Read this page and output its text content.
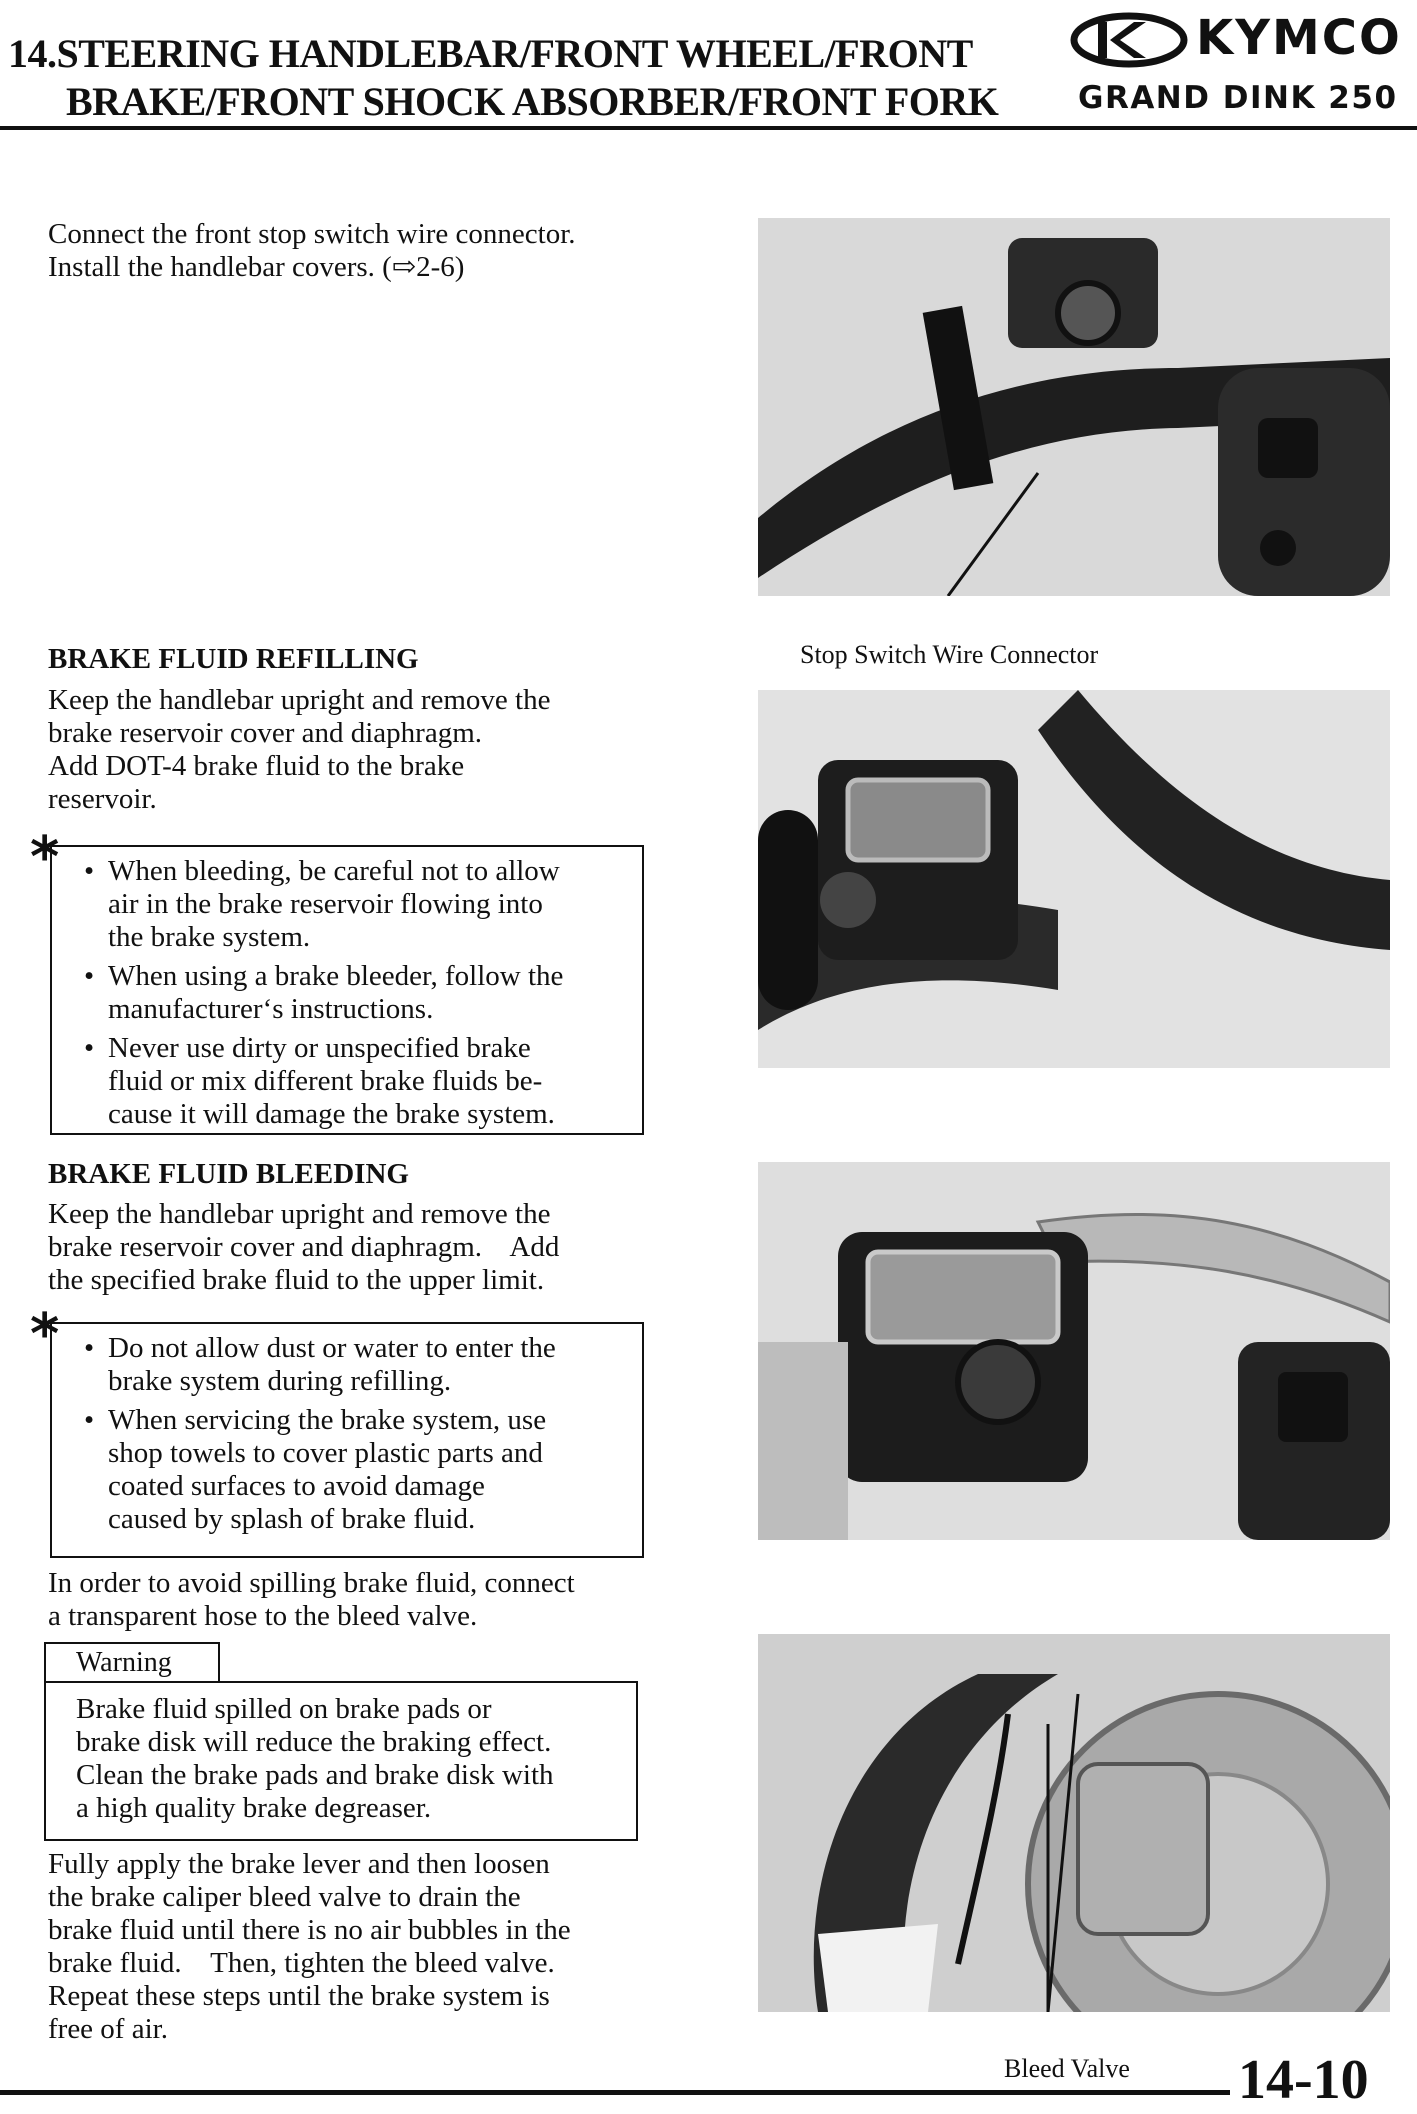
​
14.STEERING HANDLEBAR/FRONT WHEEL/FRONT
BRAKE/FRONT SHOCK ABSORBER/FRONT FORK
KYMCO
GRAND DINK 250
Connect the front stop switch wire connector.
Install the handlebar covers. (⇨2-6)
Stop Switch Wire Connector
BRAKE FLUID REFILLING
Keep the handlebar upright and remove the
brake reservoir cover and diaphragm.
Add DOT-4 brake fluid to the brake
reservoir.
* • When bleeding, be careful not to allow
air in the brake reservoir flowing into
the brake system.
• When using a brake bleeder, follow the
manufacturer‘s instructions.
• Never use dirty or unspecified brake
fluid or mix different brake fluids be-
cause it will damage the brake system.
BRAKE FLUID BLEEDING
Keep the handlebar upright and remove the
brake reservoir cover and diaphragm.    Add
the specified brake fluid to the upper limit.
* • Do not allow dust or water to enter the
brake system during refilling.
• When servicing the brake system, use
shop towels to cover plastic parts and
coated surfaces to avoid damage
caused by splash of brake fluid.
In order to avoid spilling brake fluid, connect
a transparent hose to the bleed valve.
Warning
Brake fluid spilled on brake pads or
brake disk will reduce the braking effect.
Clean the brake pads and brake disk with
a high quality brake degreaser.
Fully apply the brake lever and then loosen
the brake caliper bleed valve to drain the
brake fluid until there is no air bubbles in the
brake fluid.    Then, tighten the bleed valve.
Repeat these steps until the brake system is
free of air.
Bleed Valve 14-10
